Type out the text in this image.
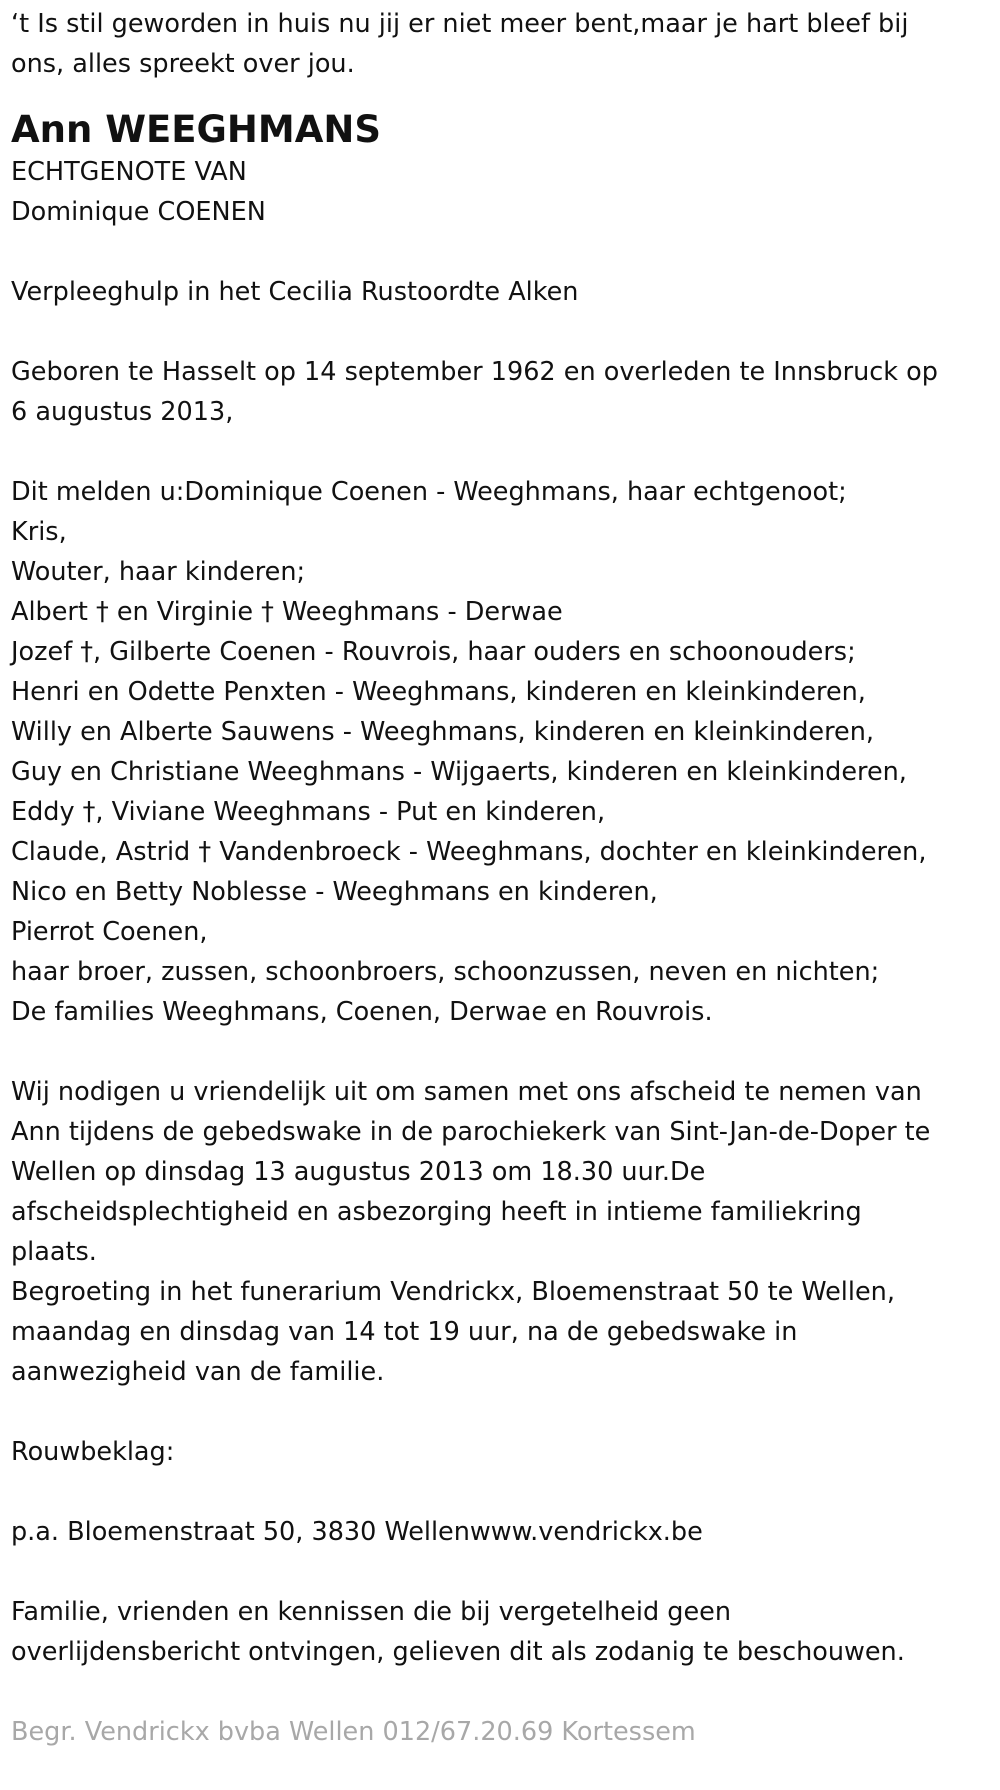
‘t Is stil geworden in huis nu jij er niet meer bent,maar je hart bleef bij
ons, alles spreekt over jou.
Ann WEEGHMANS
ECHTGENOTE VAN
Dominique COENEN
Verpleeghulp in het Cecilia Rustoordte Alken
Geboren te Hasselt op 14 september 1962 en overleden te Innsbruck op
6 augustus 2013,
Dit melden u:Dominique Coenen - Weeghmans, haar echtgenoot;
Kris,
Wouter, haar kinderen;
Albert † en Virginie † Weeghmans - Derwae
Jozef †, Gilberte Coenen - Rouvrois, haar ouders en schoonouders;
Henri en Odette Penxten - Weeghmans, kinderen en kleinkinderen,
Willy en Alberte Sauwens - Weeghmans, kinderen en kleinkinderen,
Guy en Christiane Weeghmans - Wijgaerts, kinderen en kleinkinderen,
Eddy †, Viviane Weeghmans - Put en kinderen,
Claude, Astrid † Vandenbroeck - Weeghmans, dochter en kleinkinderen,
Nico en Betty Noblesse - Weeghmans en kinderen,
Pierrot Coenen,
haar broer, zussen, schoonbroers, schoonzussen, neven en nichten;
De families Weeghmans, Coenen, Derwae en Rouvrois.
Wij nodigen u vriendelijk uit om samen met ons afscheid te nemen van
Ann tijdens de gebedswake in de parochiekerk van Sint-Jan-de-Doper te
Wellen op dinsdag 13 augustus 2013 om 18.30 uur.De
afscheidsplechtigheid en asbezorging heeft in intieme familiekring
plaats.
Begroeting in het funerarium Vendrickx, Bloemenstraat 50 te Wellen,
maandag en dinsdag van 14 tot 19 uur, na de gebedswake in
aanwezigheid van de familie.
Rouwbeklag:
p.a. Bloemenstraat 50, 3830 Wellenwww.vendrickx.be
Familie, vrienden en kennissen die bij vergetelheid geen
overlijdensbericht ontvingen, gelieven dit als zodanig te beschouwen.
Begr. Vendrickx bvba Wellen 012/67.20.69 Kortessem
